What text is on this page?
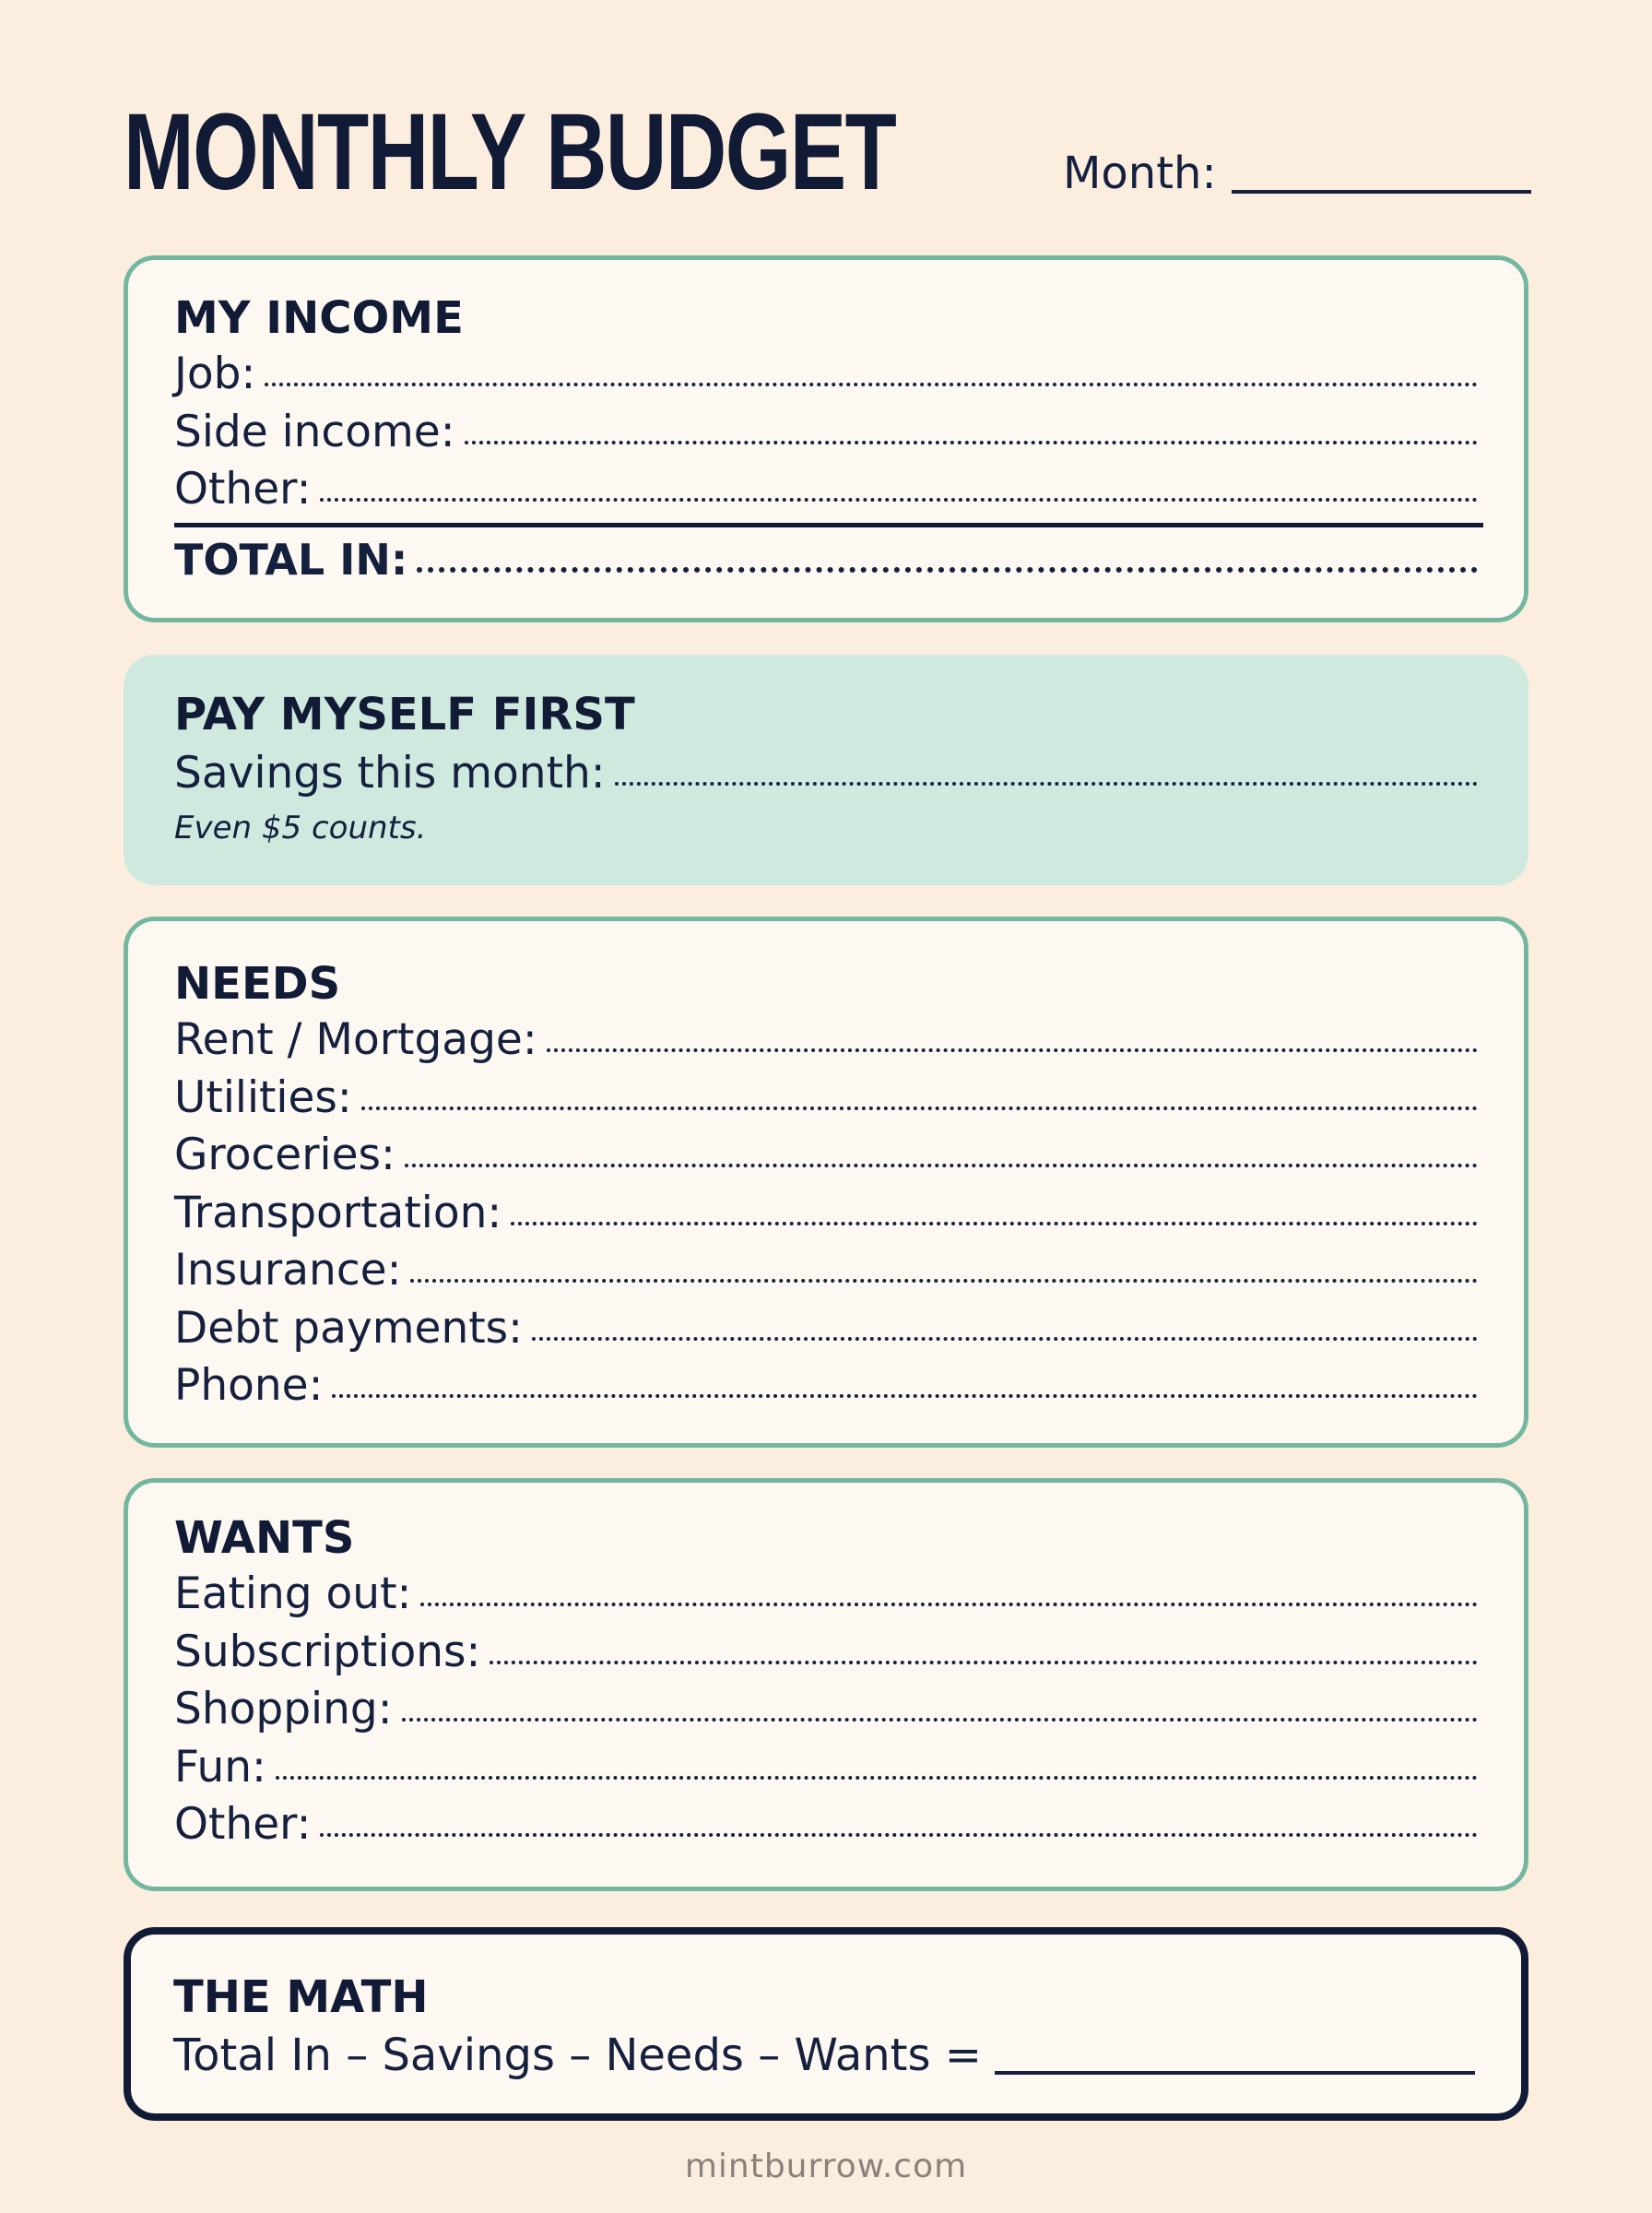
MONTHLY BUDGET	Month:
MY INCOME
Job:
Side income:
Other:
TOTAL IN:
PAY MYSELF FIRST
Savings this month:
Even $5 counts.
NEEDS
Rent / Mortgage:
Utilities:
Groceries:
Transportation:
Insurance:
Debt payments:
Phone:
WANTS
Eating out:
Subscriptions:
Shopping:
Fun:
Other:
THE MATH
Total In – Savings – Needs – Wants =
mintburrow.com
